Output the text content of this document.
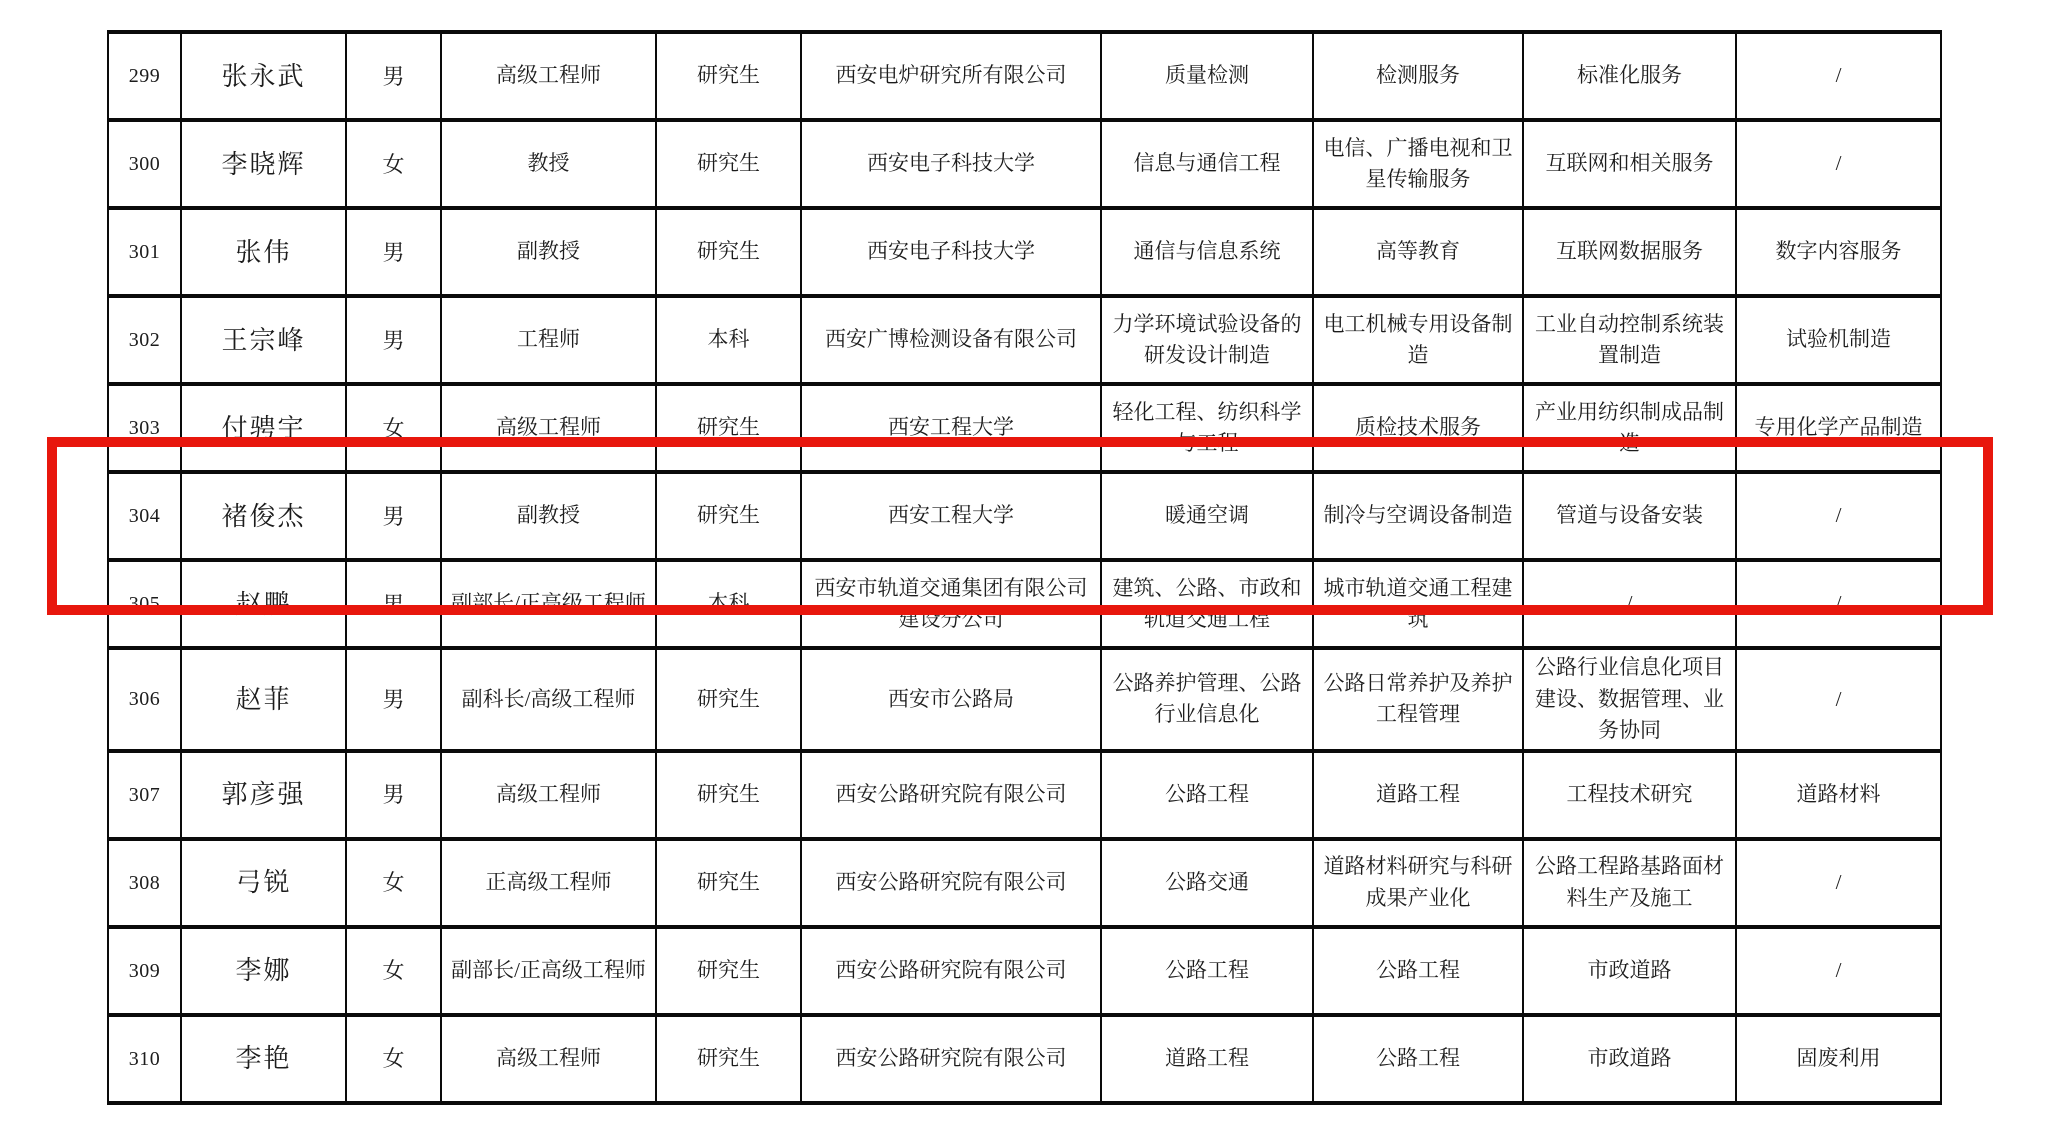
299	张永武	男	高级工程师	研究生	西安电炉研究所有限公司	质量检测	检测服务	标准化服务	/
300	李晓辉	女	教授	研究生	西安电子科技大学	信息与通信工程	电信、广播电视和卫星传输服务	互联网和相关服务	/
301	张伟	男	副教授	研究生	西安电子科技大学	通信与信息系统	高等教育	互联网数据服务	数字内容服务
302	王宗峰	男	工程师	本科	西安广博检测设备有限公司	力学环境试验设备的研发设计制造	电工机械专用设备制造	工业自动控制系统装置制造	试验机制造
303	付骋宇	女	高级工程师	研究生	西安工程大学	轻化工程、纺织科学与工程	质检技术服务	产业用纺织制成品制造	专用化学产品制造
304	褚俊杰	男	副教授	研究生	西安工程大学	暖通空调	制冷与空调设备制造	管道与设备安装	/
305	赵鹏	男	副部长/正高级工程师	本科	西安市轨道交通集团有限公司建设分公司	建筑、公路、市政和轨道交通工程	城市轨道交通工程建筑	/	/
306	赵菲	男	副科长/高级工程师	研究生	西安市公路局	公路养护管理、公路行业信息化	公路日常养护及养护工程管理	公路行业信息化项目建设、数据管理、业务协同	/
307	郭彦强	男	高级工程师	研究生	西安公路研究院有限公司	公路工程	道路工程	工程技术研究	道路材料
308	弓锐	女	正高级工程师	研究生	西安公路研究院有限公司	公路交通	道路材料研究与科研成果产业化	公路工程路基路面材料生产及施工	/
309	李娜	女	副部长/正高级工程师	研究生	西安公路研究院有限公司	公路工程	公路工程	市政道路	/
310	李艳	女	高级工程师	研究生	西安公路研究院有限公司	道路工程	公路工程	市政道路	固废利用
